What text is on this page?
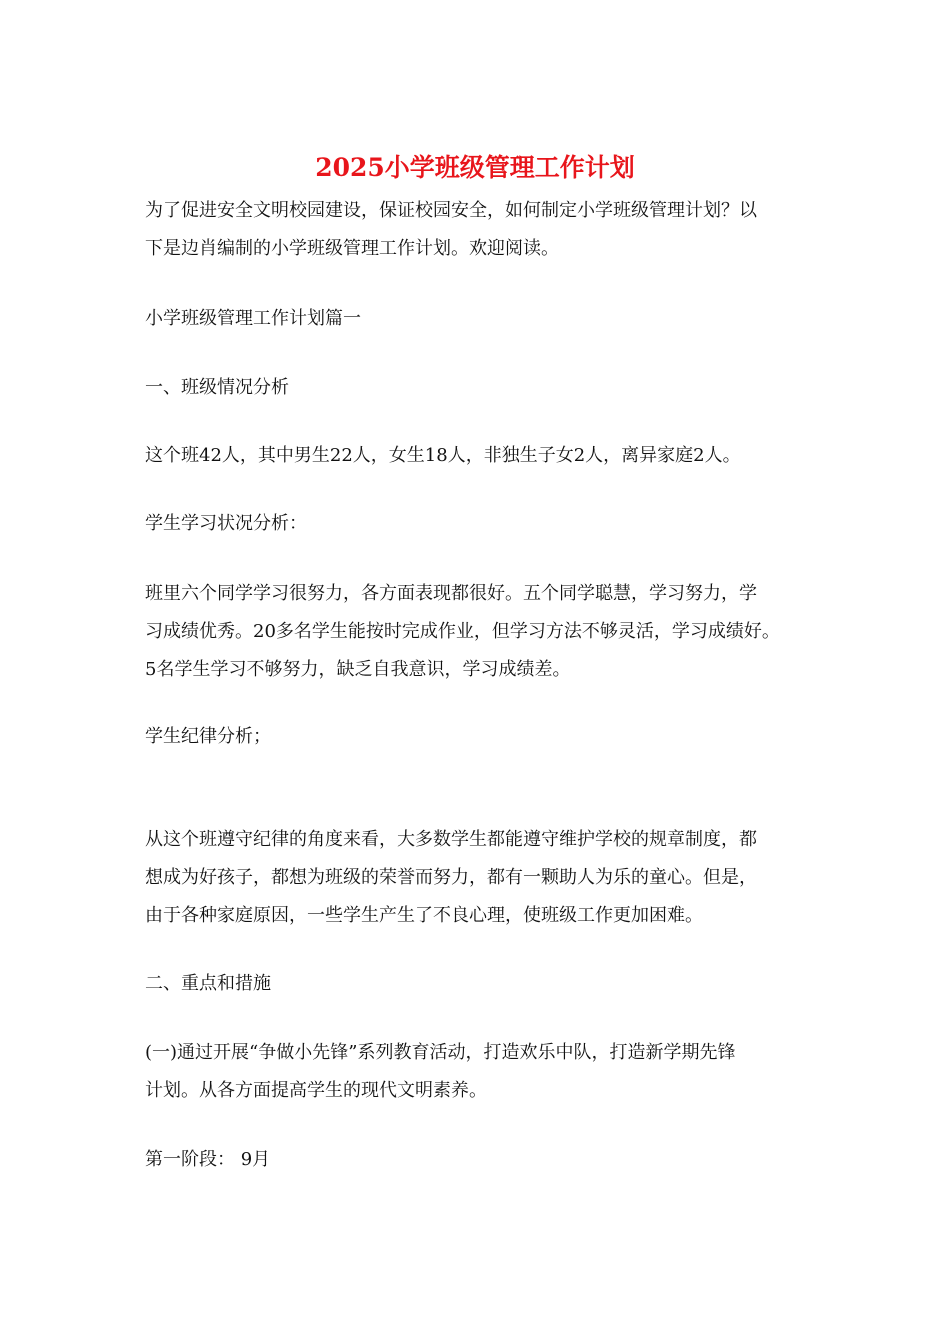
2025小学班级管理工作计划
为了促进安全文明校园建设，保证校园安全，如何制定小学班级管理计划？以
下是边肖编制的小学班级管理工作计划。欢迎阅读。
小学班级管理工作计划篇一
一、班级情况分析
这个班42人，其中男生22人，女生18人，非独生子女2人，离异家庭2人。
学生学习状况分析：
班里六个同学学习很努力，各方面表现都很好。五个同学聪慧，学习努力，学
习成绩优秀。20多名学生能按时完成作业，但学习方法不够灵活，学习成绩好。
5名学生学习不够努力，缺乏自我意识，学习成绩差。
学生纪律分析；
从这个班遵守纪律的角度来看，大多数学生都能遵守维护学校的规章制度，都
想成为好孩子，都想为班级的荣誉而努力，都有一颗助人为乐的童心。但是，
由于各种家庭原因，一些学生产生了不良心理，使班级工作更加困难。
二、重点和措施
(一)通过开展“争做小先锋”系列教育活动，打造欢乐中队，打造新学期先锋
计划。从各方面提高学生的现代文明素养。
第一阶段： 9月
